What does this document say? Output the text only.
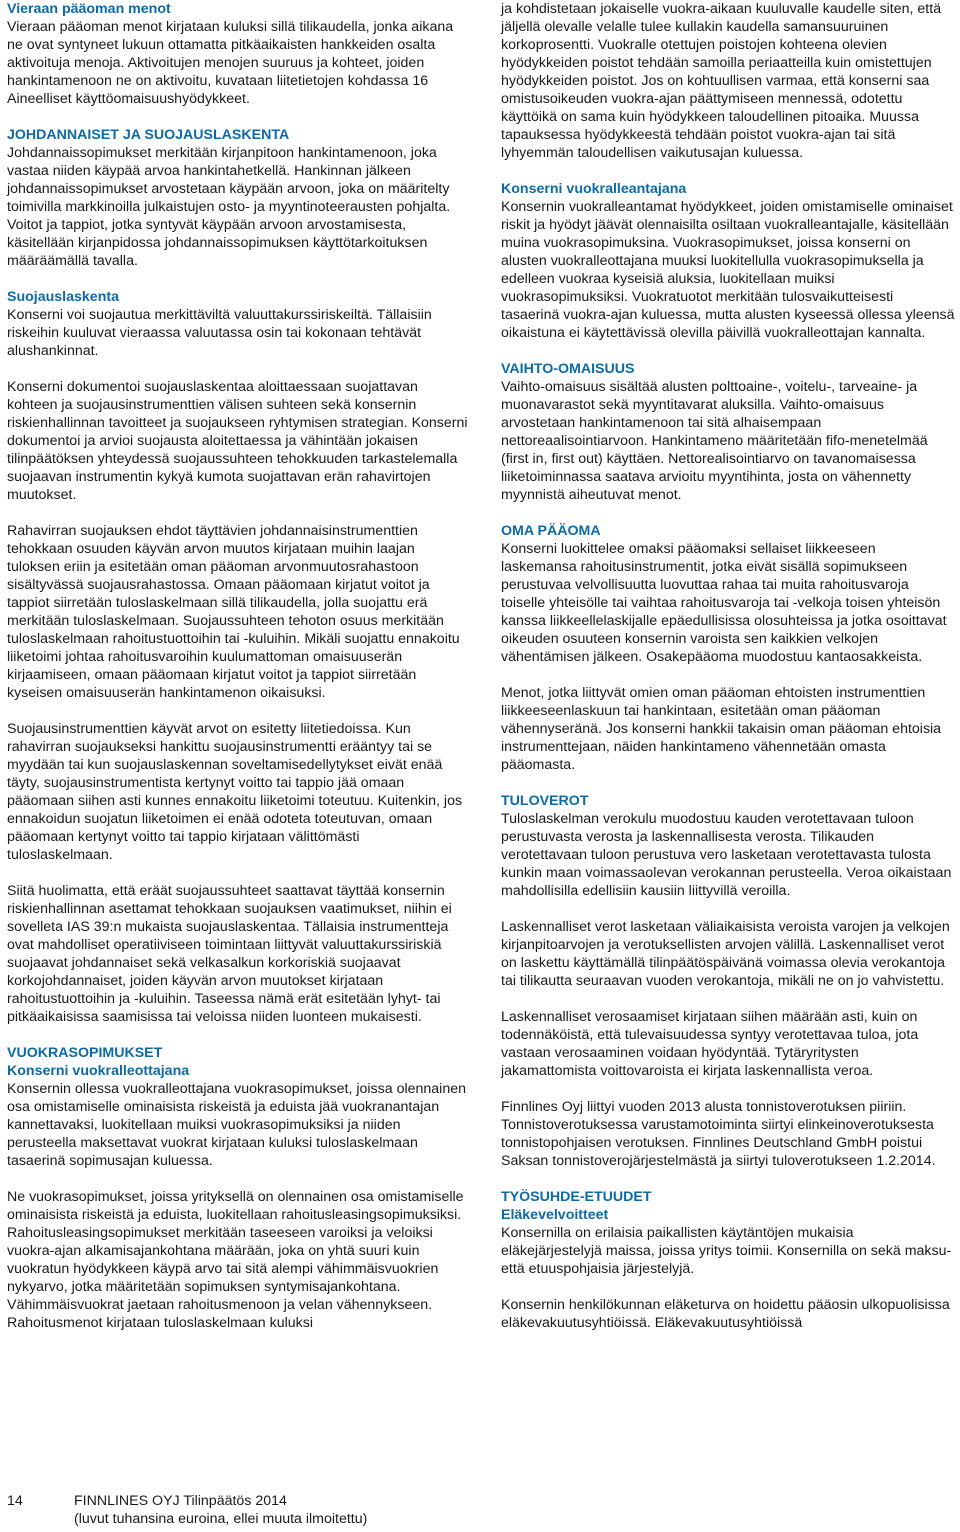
Vieraan pääoman menot

Vieraan pääoman menot kirjataan kuluksi sillä tilikaudella, jonka aikana ne ovat syntyneet lukuun ottamatta pitkäaikaisten hankkeiden osalta aktivoituja menoja. Aktivoitujen menojen suuruus ja kohteet, joiden hankintamenoon ne on aktivoitu, kuvataan liitetietojen kohdassa 16 Aineelliset käyttöomaisuushyödykkeet.

JOHDANNAISET JA SUOJAUSLASKENTA

Johdannaissopimukset merkitään kirjanpitoon hankintamenoon, joka vastaa niiden käypää arvoa hankintahetkellä. Hankinnan jälkeen johdannaissopimukset arvostetaan käypään arvoon, joka on määritelty toimivilla markkinoilla julkaistujen osto- ja myyntinoteerausten pohjalta. Voitot ja tappiot, jotka syntyvät käypään arvoon arvostamisesta, käsitellään kirjanpidossa johdannaissopimuksen käyttötarkoituksen määräämällä tavalla.

Suojauslaskenta

Konserni voi suojautua merkittäviltä valuuttakurssiriskeiltä. Tällaisiin riskeihin kuuluvat vieraassa valuutassa osin tai kokonaan tehtävät alushankinnat.

Konserni dokumentoi suojauslaskentaa aloittaessaan suojattavan kohteen ja suojausinstrumenttien välisen suhteen sekä konsernin riskienhallinnan tavoitteet ja suojaukseen ryhtymisen strategian. Konserni dokumentoi ja arvioi suojausta aloitettaessa ja vähintään jokaisen tilinpäätöksen yhteydessä suojaussuhteen tehokkuuden tarkastelemalla suojaavan instrumentin kykyä kumota suojattavan erän rahavirtojen muutokset.

Rahavirran suojauksen ehdot täyttävien johdannaisinstrumenttien tehokkaan osuuden käyvän arvon muutos kirjataan muihin laajan tuloksen eriin ja esitetään oman pääoman arvonmuutosrahastoon sisältyvässä suojausrahastossa. Omaan pääomaan kirjatut voitot ja tappiot siirretään tuloslaskelmaan sillä tilikaudella, jolla suojattu erä merkitään tuloslaskelmaan. Suojaussuhteen tehoton osuus merkitään tuloslaskelmaan rahoitustuottoihin tai -kuluihin. Mikäli suojattu ennakoitu liiketoimi johtaa rahoitusvaroihin kuulumattoman omaisuuserän kirjaamiseen, omaan pääomaan kirjatut voitot ja tappiot siirretään kyseisen omaisuuserän hankintamenon oikaisuksi.

Suojausinstrumenttien käyvät arvot on esitetty liitetiedoissa. Kun rahavirran suojaukseksi hankittu suojausinstrumentti erääntyy tai se myydään tai kun suojauslaskennan soveltamisedellytykset eivät enää täyty, suojausinstrumentista kertynyt voitto tai tappio jää omaan pääomaan siihen asti kunnes ennakoitu liiketoimi toteutuu. Kuitenkin, jos ennakoidun suojatun liiketoimen ei enää odoteta toteutuvan, omaan pääomaan kertynyt voitto tai tappio kirjataan välittömästi tuloslaskelmaan.

Siitä huolimatta, että eräät suojaussuhteet saattavat täyttää konsernin riskienhallinnan asettamat tehokkaan suojauksen vaatimukset, niihin ei sovelleta IAS 39:n mukaista suojauslaskentaa. Tällaisia instrumentteja ovat mahdolliset operatiiviseen toimintaan liittyvät valuuttakurssiriskiä suojaavat johdannaiset sekä velkasalkun korkoriskiä suojaavat korkojohdannaiset, joiden käyvän arvon muutokset kirjataan rahoitustuottoihin ja -kuluihin. Taseessa nämä erät esitetään lyhyt- tai pitkäaikaisissa saamisissa tai veloissa niiden luonteen mukaisesti.

VUOKRASOPIMUKSET

Konserni vuokralleottajana

Konsernin ollessa vuokralleottajana vuokrasopimukset, joissa olennainen osa omistamiselle ominaisista riskeistä ja eduista jää vuokranantajan kannettavaksi, luokitellaan muiksi vuokrasopimuksiksi ja niiden perusteella maksettavat vuokrat kirjataan kuluksi tuloslaskelmaan tasaerinä sopimusajan kuluessa.

Ne vuokrasopimukset, joissa yrityksellä on olennainen osa omistamiselle ominaisista riskeistä ja eduista, luokitellaan rahoitusleasingsopimuksiksi. Rahoitusleasingsopimukset merkitään taseeseen varoiksi ja veloiksi vuokra-ajan alkamisajankohtana määrään, joka on yhtä suuri kuin vuokratun hyödykkeen käypä arvo tai sitä alempi vähimmäisvuokrien nykyarvo, jotka määritetään sopimuksen syntymisajankohtana. Vähimmäisvuokrat jaetaan rahoitusmenoon ja velan vähennykseen. Rahoitusmenot kirjataan tuloslaskelmaan kuluksi

ja kohdistetaan jokaiselle vuokra-aikaan kuuluvalle kaudelle siten, että jäljellä olevalle velalle tulee kullakin kaudella samansuuruinen korkoprosentti. Vuokralle otettujen poistojen kohteena olevien hyödykkeiden poistot tehdään samoilla periaatteilla kuin omistettujen hyödykkeiden poistot. Jos on kohtuullisen varmaa, että konserni saa omistusoikeuden vuokra-ajan päättymiseen mennessä, odotettu käyttöikä on sama kuin hyödykkeen taloudellinen pitoaika. Muussa tapauksessa hyödykkeestä tehdään poistot vuokra-ajan tai sitä lyhyemmän taloudellisen vaikutusajan kuluessa.

Konserni vuokralleantajana

Konsernin vuokralleantamat hyödykkeet, joiden omistamiselle ominaiset riskit ja hyödyt jäävät olennaisilta osiltaan vuokralleantajalle, käsitellään muina vuokrasopimuksina. Vuokrasopimukset, joissa konserni on alusten vuokralleottajana muuksi luokitellulla vuokrasopimuksella ja edelleen vuokraa kyseisiä aluksia, luokitellaan muiksi vuokrasopimuksiksi. Vuokratuotot merkitään tulosvaikutteisesti tasaerinä vuokra-ajan kuluessa, mutta alusten kyseessä ollessa yleensä oikaistuna ei käytettävissä olevilla päivillä vuokralleottajan kannalta.

VAIHTO-OMAISUUS

Vaihto-omaisuus sisältää alusten polttoaine-, voitelu-, tarveaine- ja muonavarastot sekä myyntitavarat aluksilla. Vaihto-omaisuus arvostetaan hankintamenoon tai sitä alhaisempaan nettoreaalisointiarvoon. Hankintameno määritetään fifo-menetelmää (first in, first out) käyttäen. Nettorealisointiarvo on tavanomaisessa liiketoiminnassa saatava arvioitu myyntihinta, josta on vähennetty myynnistä aiheutuvat menot.

OMA PÄÄOMA

Konserni luokittelee omaksi pääomaksi sellaiset liikkeeseen laskemansa rahoitusinstrumentit, jotka eivät sisällä sopimukseen perustuvaa velvollisuutta luovuttaa rahaa tai muita rahoitusvaroja toiselle yhteisölle tai vaihtaa rahoitusvaroja tai -velkoja toisen yhteisön kanssa liikkeellelaskijalle epäedullisissa olosuhteissa ja jotka osoittavat oikeuden osuuteen konsernin varoista sen kaikkien velkojen vähentämisen jälkeen. Osakepääoma muodostuu kantaosakkeista.

Menot, jotka liittyvät omien oman pääoman ehtoisten instrumenttien liikkeeseenlaskuun tai hankintaan, esitetään oman pääoman vähennyseränä. Jos konserni hankkii takaisin oman pääoman ehtoisia instrumenttejaan, näiden hankintameno vähennetään omasta pääomasta.

TULOVEROT

Tuloslaskelman verokulu muodostuu kauden verotettavaan tuloon perustuvasta verosta ja laskennallisesta verosta. Tilikauden verotettavaan tuloon perustuva vero lasketaan verotettavasta tulosta kunkin maan voimassaolevan verokannan perusteella. Veroa oikaistaan mahdollisilla edellisiin kausiin liittyvillä veroilla.

Laskennalliset verot lasketaan väliaikaisista veroista varojen ja velkojen kirjanpitoarvojen ja verotuksellisten arvojen välillä. Laskennalliset verot on laskettu käyttämällä tilinpäätöspäivänä voimassa olevia verokantoja tai tilikautta seuraavan vuoden verokantoja, mikäli ne on jo vahvistettu.

Laskennalliset verosaamiset kirjataan siihen määrään asti, kuin on todennäköistä, että tulevaisuudessa syntyy verotettavaa tuloa, jota vastaan verosaaminen voidaan hyödyntää. Tytäryritysten jakamattomista voittovaroista ei kirjata laskennallista veroa.

Finnlines Oyj liittyi vuoden 2013 alusta tonnistoverotuksen piiriin. Tonnistoverotuksessa varustamotoiminta siirtyi elinkeinoverotuksesta tonnistopohjaisen verotuksen. Finnlines Deutschland GmbH poistui Saksan tonnistoverojärjestelmästä ja siirtyi tuloverotukseen 1.2.2014.

TYÖSUHDE-ETUUDET

Eläkevelvoitteet

Konsernilla on erilaisia paikallisten käytäntöjen mukaisia eläkejärjestelyjä maissa, joissa yritys toimii. Konsernilla on sekä maksu- että etuuspohjaisia järjestelyjä.

Konsernin henkilökunnan eläketurva on hoidettu pääosin ulkopuolisissa eläkevakuutusyhtiöissä. Eläkevakuutusyhtiöissä

14	FINNLINES OYJ Tilinpäätös 2014
(luvut tuhansina euroina, ellei muuta ilmoitettu)
